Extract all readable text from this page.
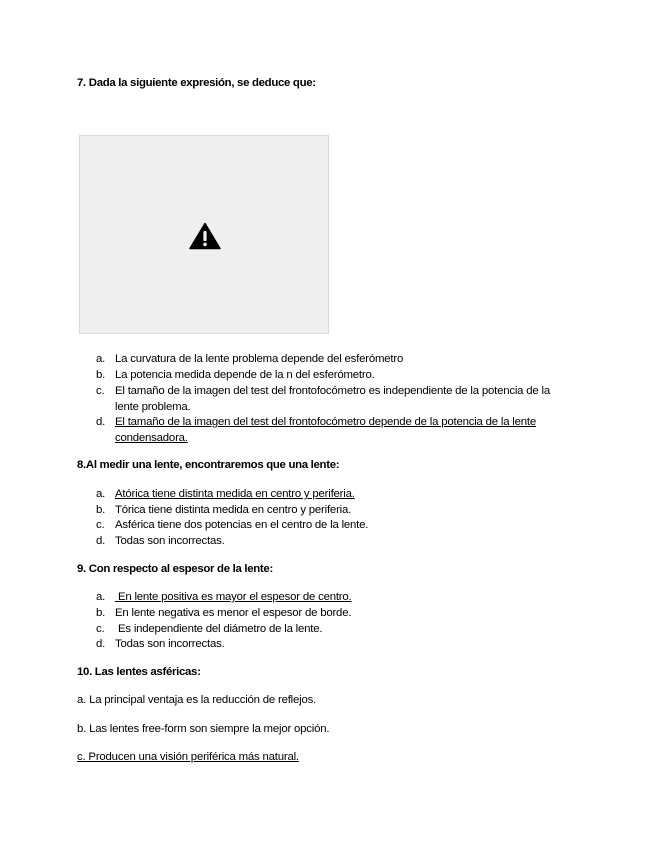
7. Dada la siguiente expresión, se deduce que:
a. La curvatura de la lente problema depende del esferómetro
b. La potencia medida depende de la n del esferómetro.
c. El tamaño de la imagen del test del frontofocómetro es independiente de la potencia de la lente problema.
d. El tamaño de la imagen del test del frontofocómetro depende de la potencia de la lente condensadora.
8.Al medir una lente, encontraremos que una lente:
a. Atórica tiene distinta medida en centro y periferia.
b. Tórica tiene distinta medida en centro y periferia.
c. Asférica tiene dos potencias en el centro de la lente.
d. Todas son incorrectas.
9. Con respecto al espesor de la lente:
a. En lente positiva es mayor el espesor de centro.
b. En lente negativa es menor el espesor de borde.
c. Es independiente del diámetro de la lente.
d. Todas son incorrectas.
10. Las lentes asféricas:
a. La principal ventaja es la reducción de reflejos.
b. Las lentes free-form son siempre la mejor opción.
c. Producen una visión periférica más natural.
